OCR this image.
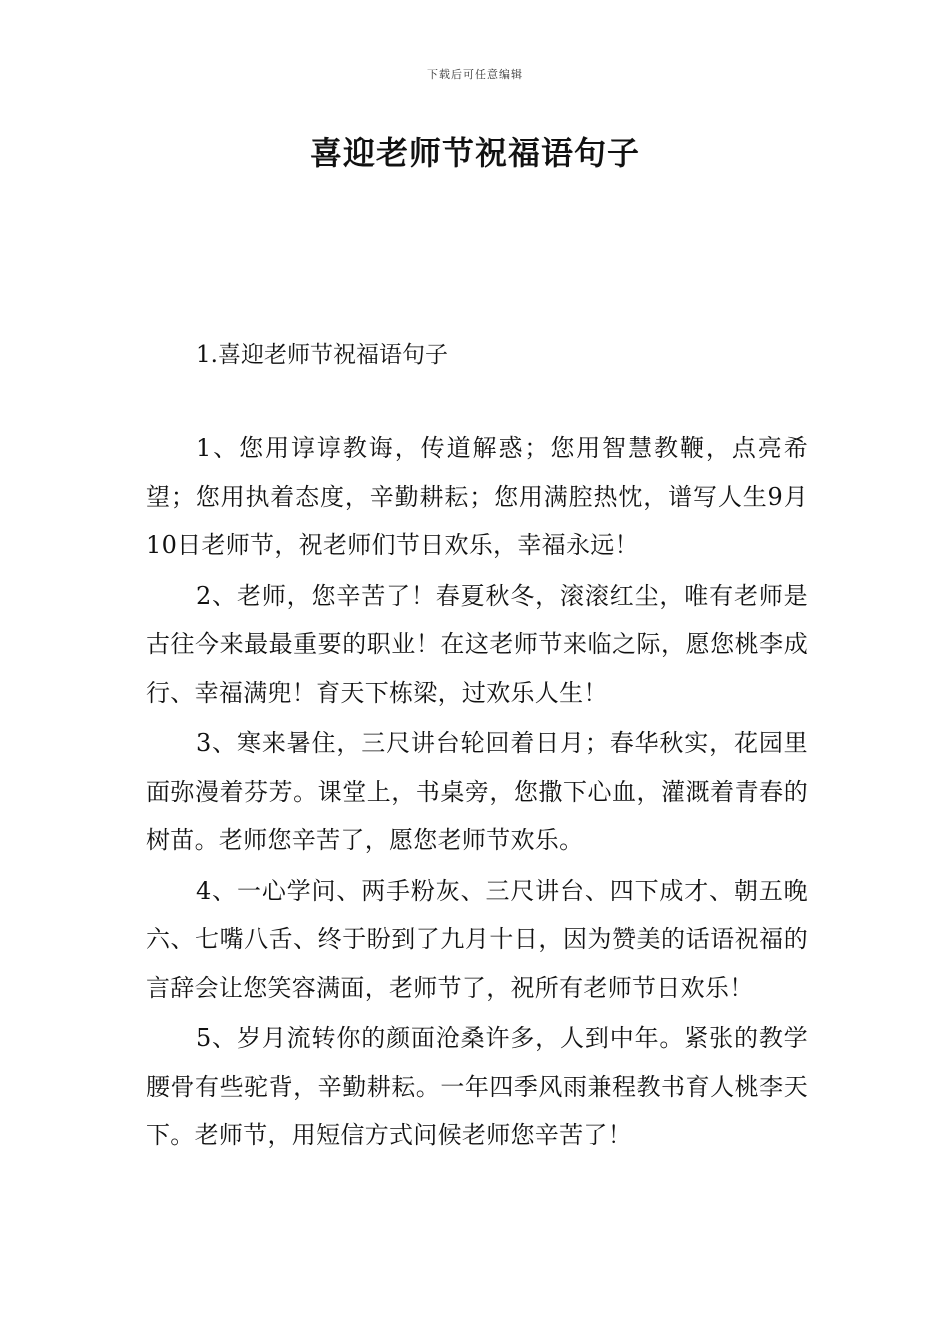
下载后可任意编辑
喜迎老师节祝福语句子
1.喜迎老师节祝福语句子

1、您用谆谆教诲，传道解惑；您用智慧教鞭，点亮希望；您用执着态度，辛勤耕耘；您用满腔热忱，谱写人生9月10日老师节，祝老师们节日欢乐，幸福永远！

2、老师，您辛苦了！春夏秋冬，滚滚红尘，唯有老师是古往今来最最重要的职业！在这老师节来临之际，愿您桃李成行、幸福满兜！育天下栋梁，过欢乐人生！

3、寒来暑住，三尺讲台轮回着日月；春华秋实，花园里面弥漫着芬芳。课堂上，书桌旁，您撒下心血，灌溉着青春的树苗。老师您辛苦了，愿您老师节欢乐。

4、一心学问、两手粉灰、三尺讲台、四下成才、朝五晚六、七嘴八舌、终于盼到了九月十日，因为赞美的话语祝福的言辞会让您笑容满面，老师节了，祝所有老师节日欢乐！

5、岁月流转你的颜面沧桑许多，人到中年。紧张的教学腰骨有些驼背，辛勤耕耘。一年四季风雨兼程教书育人桃李天下。老师节，用短信方式问候老师您辛苦了！
